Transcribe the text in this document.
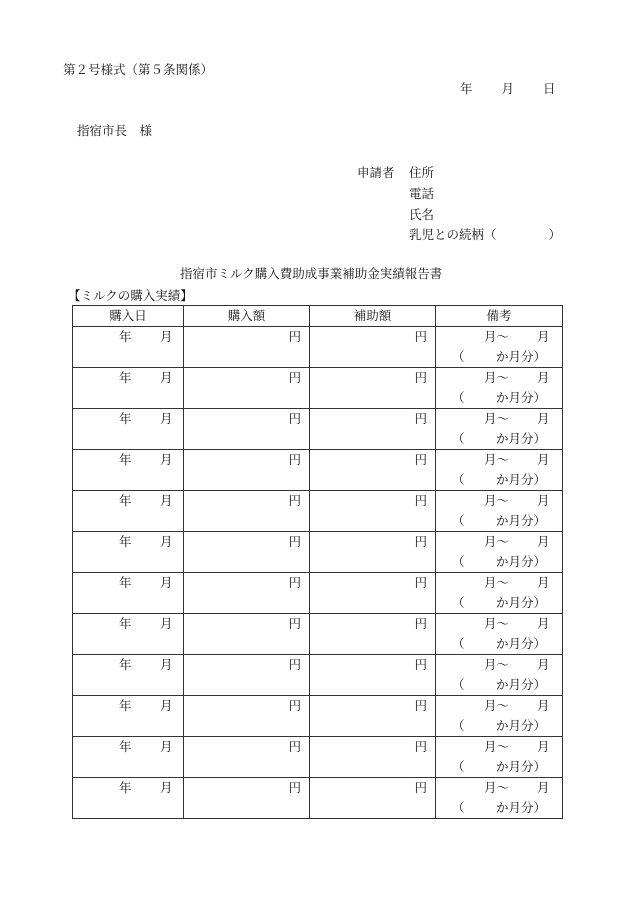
第２号様式（第５条関係）
年 月 日
指宿市長　様
申請者 住所
電話
氏名
乳児との続柄（	）
指宿市ミルク購入費助成事業補助金実績報告書
【ミルクの購入実績】
購入日	購入額	補助額	備考

年 月	円	円	月～ 月
（ か月分）

年 月	円	円	月～ 月
（ か月分）

年 月	円	円	月～ 月
（ か月分）

年 月	円	円	月～ 月
（ か月分）

年 月	円	円	月～ 月
（ か月分）

年 月	円	円	月～ 月
（ か月分）

年 月	円	円	月～ 月
（ か月分）

年 月	円	円	月～ 月
（ か月分）

年 月	円	円	月～ 月
（ か月分）

年 月	円	円	月～ 月
（ か月分）

年 月	円	円	月～ 月
（ か月分）

年 月	円	円	月～ 月
（ か月分）
